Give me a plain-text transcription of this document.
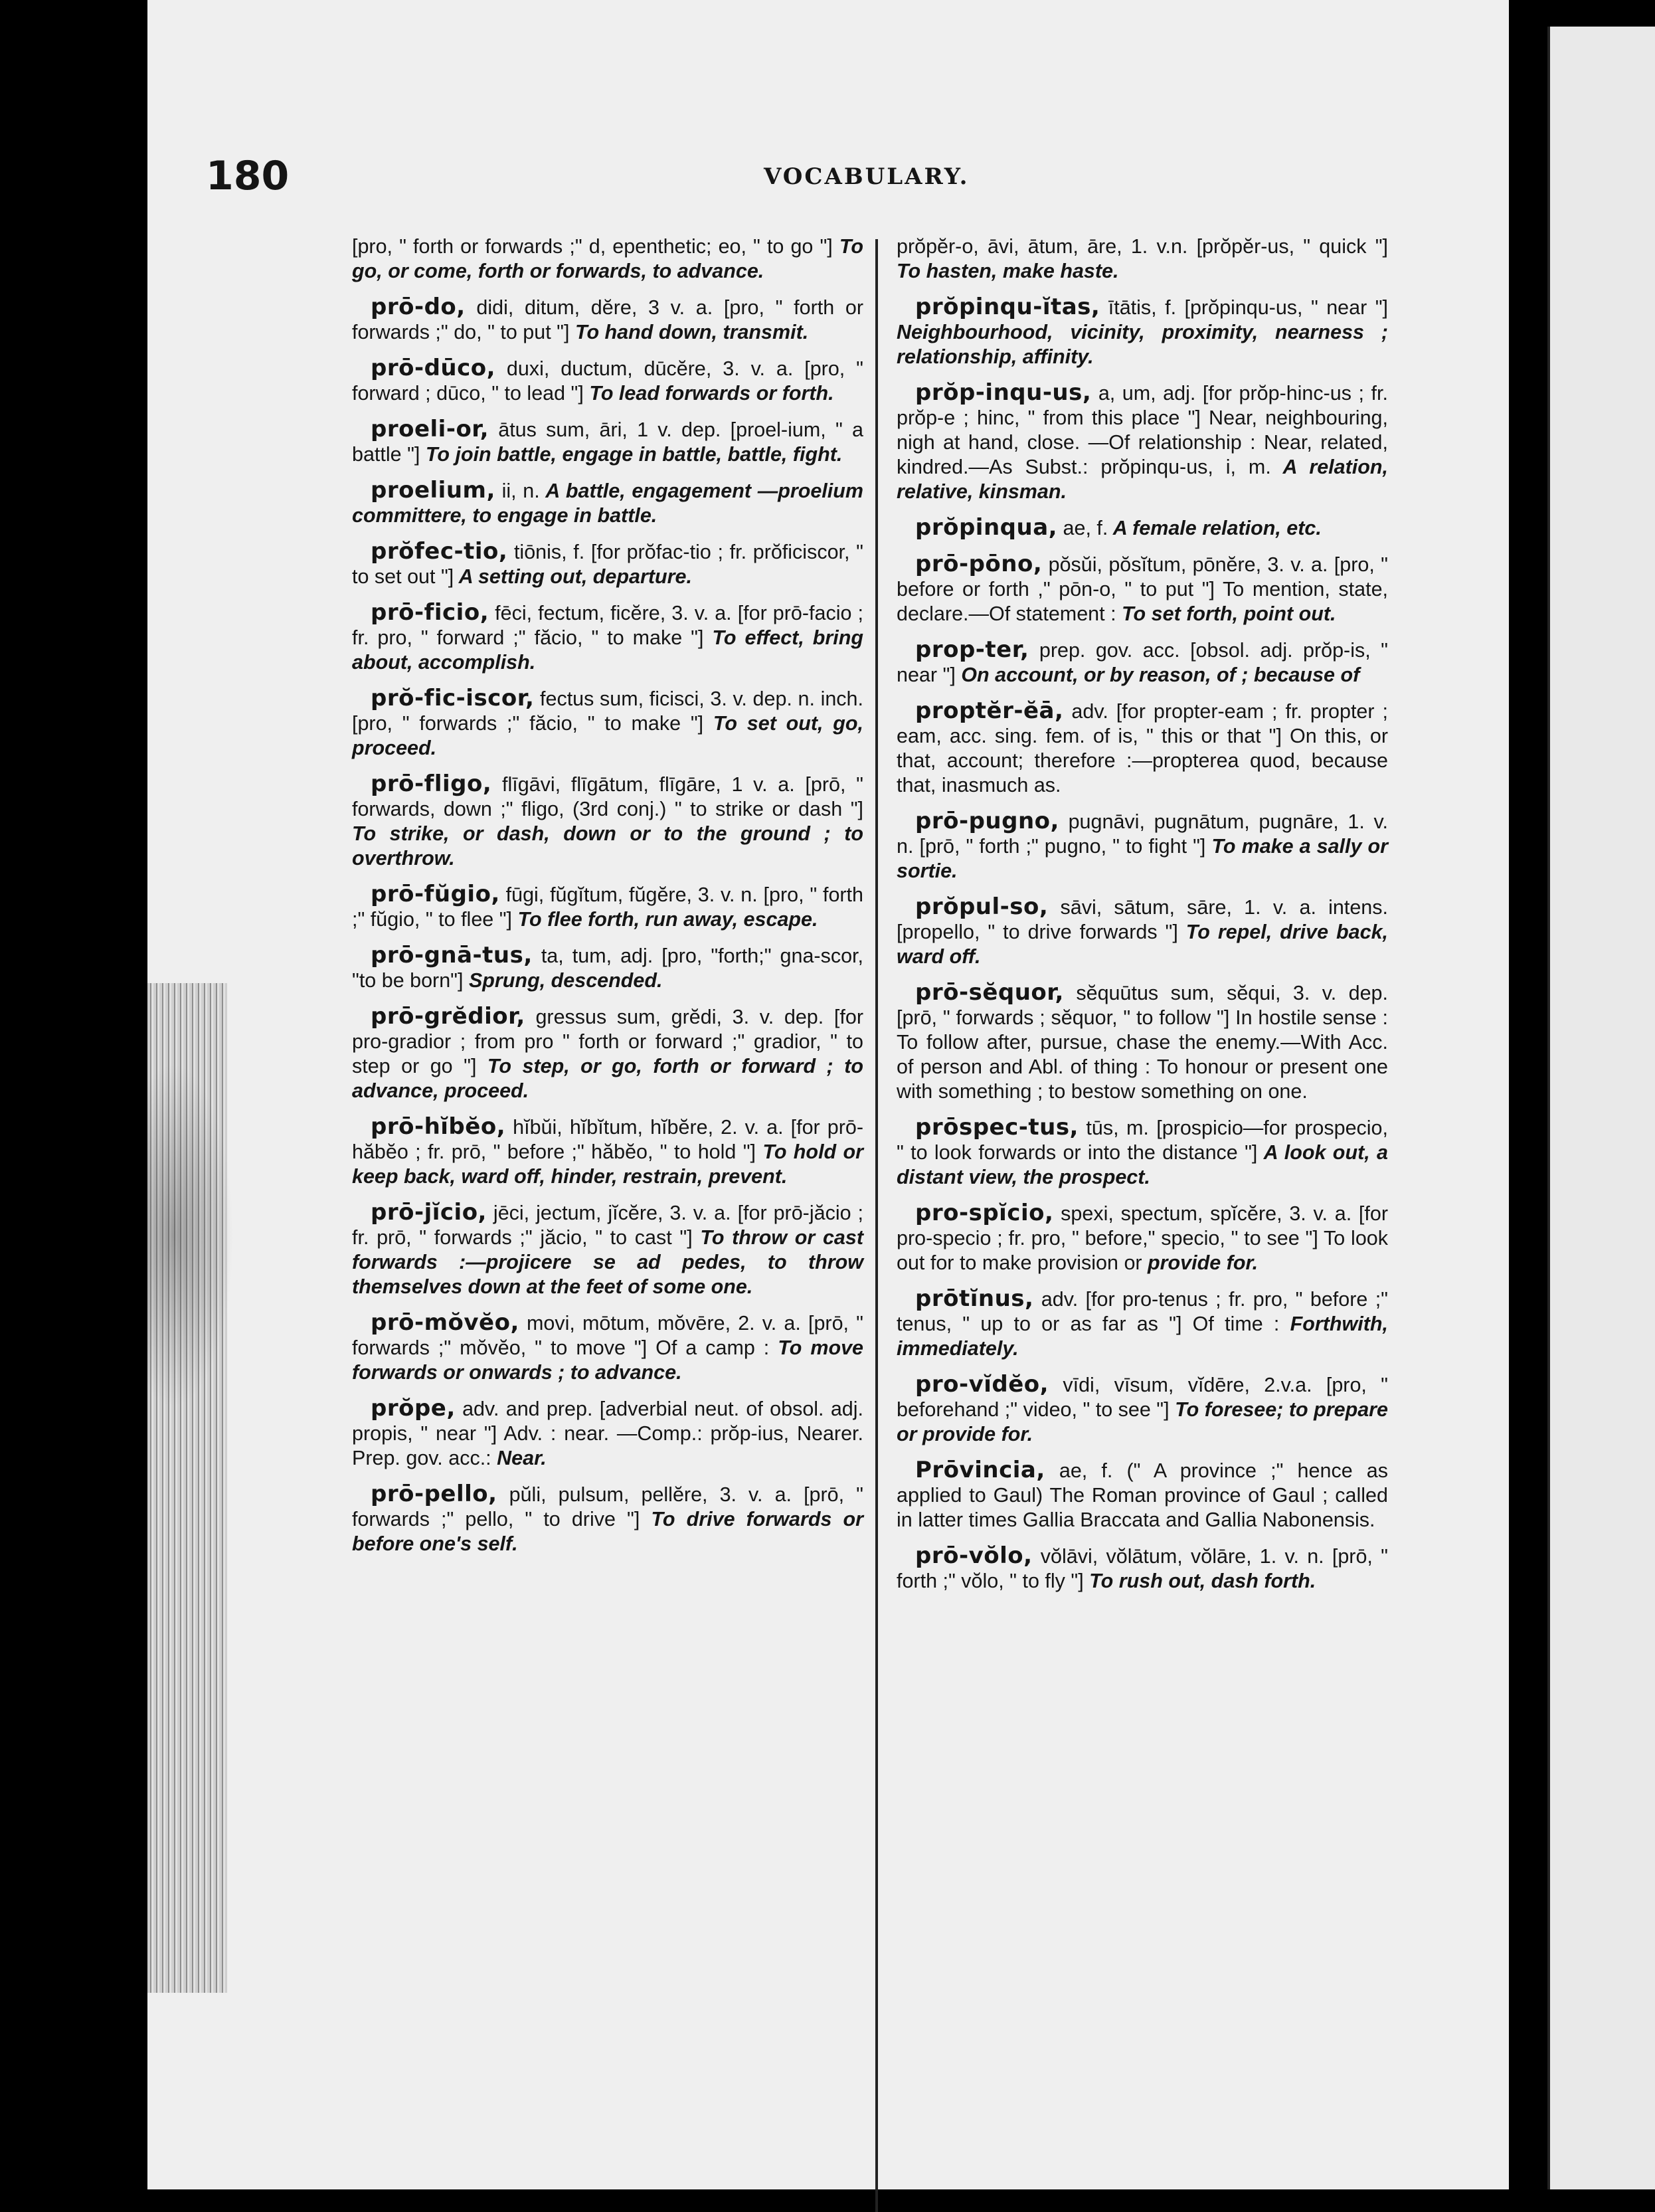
180	VOCABULARY.

[pro, " forth or forwards ;" d, epenthetic; eo, " to go "] To go, or come, forth or forwards, to advance.

prō-do, didi, ditum, dĕre, 3 v. a. [pro, " forth or forwards ;" do, " to put "] To hand down, transmit.

prō-dūco, duxi, ductum, dūcĕre, 3. v. a. [pro, " forward ; dūco, " to lead "] To lead forwards or forth.

proeli-or, ātus sum, āri, 1 v. dep. [proel-ium, " a battle "] To join battle, engage in battle, battle, fight.

proelium, ii, n. A battle, engagement —proelium committere, to engage in battle.

prŏfec-tio, tiōnis, f. [for prŏfac-tio ; fr. prŏficiscor, " to set out "] A setting out, departure.

prō-ficio, fēci, fectum, ficĕre, 3. v. a. [for prō-facio ; fr. pro, " forward ;" făcio, " to make "] To effect, bring about, accomplish.

prŏ-fic-iscor, fectus sum, ficisci, 3. v. dep. n. inch. [pro, " forwards ;" făcio, " to make "] To set out, go, proceed.

prō-fligo, flīgāvi, flīgātum, flīgāre, 1 v. a. [prō, " forwards, down ;" fligo, (3rd conj.) " to strike or dash "] To strike, or dash, down or to the ground ; to overthrow.

prō-fŭgio, fūgi, fŭgĭtum, fŭgĕre, 3. v. n. [pro, " forth ;" fŭgio, " to flee "] To flee forth, run away, escape.

prō-gnā-tus, ta, tum, adj. [pro, "forth;" gna-scor, "to be born"] Sprung, descended.

prō-grĕdior, gressus sum, grĕdi, 3. v. dep. [for pro-gradior ; from pro " forth or forward ;" gradior, " to step or go "] To step, or go, forth or forward ; to advance, proceed.

prō-hĭbĕo, hĭbŭi, hĭbĭtum, hĭbĕre, 2. v. a. [for prō-hăbĕo ; fr. prō, " before ;" hăbĕo, " to hold "] To hold or keep back, ward off, hinder, restrain, prevent.

prō-jĭcio, jēci, jectum, jĭcĕre, 3. v. a. [for prō-jăcio ; fr. prō, " forwards ;" jăcio, " to cast "] To throw or cast forwards :—projicere se ad pedes, to throw themselves down at the feet of some one.

prō-mŏvĕo, movi, mōtum, mŏvēre, 2. v. a. [prō, " forwards ;" mŏvĕo, " to move "] Of a camp : To move forwards or onwards ; to advance.

prŏpe, adv. and prep. [adverbial neut. of obsol. adj. propis, " near "] Adv. : near. —Comp.: prŏp-ius, Nearer. Prep. gov. acc.: Near.

prō-pello, pŭli, pulsum, pellĕre, 3. v. a. [prō, " forwards ;" pello, " to drive "] To drive forwards or before one's self.

prŏpĕr-o, āvi, ātum, āre, 1. v.n. [prŏpĕr-us, " quick "] To hasten, make haste.

prŏpinqu-ĭtas, ītātis, f. [prŏpinqu-us, " near "] Neighbourhood, vicinity, proximity, nearness ; relationship, affinity.

prŏp-inqu-us, a, um, adj. [for prŏp-hinc-us ; fr. prŏp-e ; hinc, " from this place "] Near, neighbouring, nigh at hand, close. —Of relationship : Near, related, kindred.—As Subst.: prŏpinqu-us, i, m. A relation, relative, kinsman.

prŏpinqua, ae, f. A female relation, etc.

prō-pōno, pŏsŭi, pŏsĭtum, pōnĕre, 3. v. a. [pro, " before or forth ," pōn-o, " to put "] To mention, state, declare.—Of statement : To set forth, point out.

prop-ter, prep. gov. acc. [obsol. adj. prŏp-is, " near "] On account, or by reason, of ; because of

proptĕr-ĕā, adv. [for propter-eam ; fr. propter ; eam, acc. sing. fem. of is, " this or that "] On this, or that, account; therefore :—propterea quod, because that, inasmuch as.

prō-pugno, pugnāvi, pugnātum, pugnāre, 1. v. n. [prō, " forth ;" pugno, " to fight "] To make a sally or sortie.

prŏpul-so, sāvi, sātum, sāre, 1. v. a. intens. [propello, " to drive forwards "] To repel, drive back, ward off.

prō-sĕquor, sĕquūtus sum, sĕqui, 3. v. dep. [prō, " forwards ; sĕquor, " to follow "] In hostile sense : To follow after, pursue, chase the enemy.—With Acc. of person and Abl. of thing : To honour or present one with something ; to bestow something on one.

prōspec-tus, tūs, m. [prospicio—for prospecio, " to look forwards or into the distance "] A look out, a distant view, the prospect.

pro-spĭcio, spexi, spectum, spĭcĕre, 3. v. a. [for pro-specio ; fr. pro, " before," specio, " to see "] To look out for to make provision or provide for.

prōtĭnus, adv. [for pro-tenus ; fr. pro, " before ;" tenus, " up to or as far as "] Of time : Forthwith, immediately.

pro-vĭdĕo, vīdi, vīsum, vĭdēre, 2.v.a. [pro, " beforehand ;" video, " to see "] To foresee; to prepare or provide for.

Prōvincia, ae, f. (" A province ;" hence as applied to Gaul) The Roman province of Gaul ; called in latter times Gallia Braccata and Gallia Nabonensis.

prō-vŏlo, vŏlāvi, vŏlātum, vŏlāre, 1. v. n. [prō, " forth ;" vŏlo, " to fly "] To rush out, dash forth.
